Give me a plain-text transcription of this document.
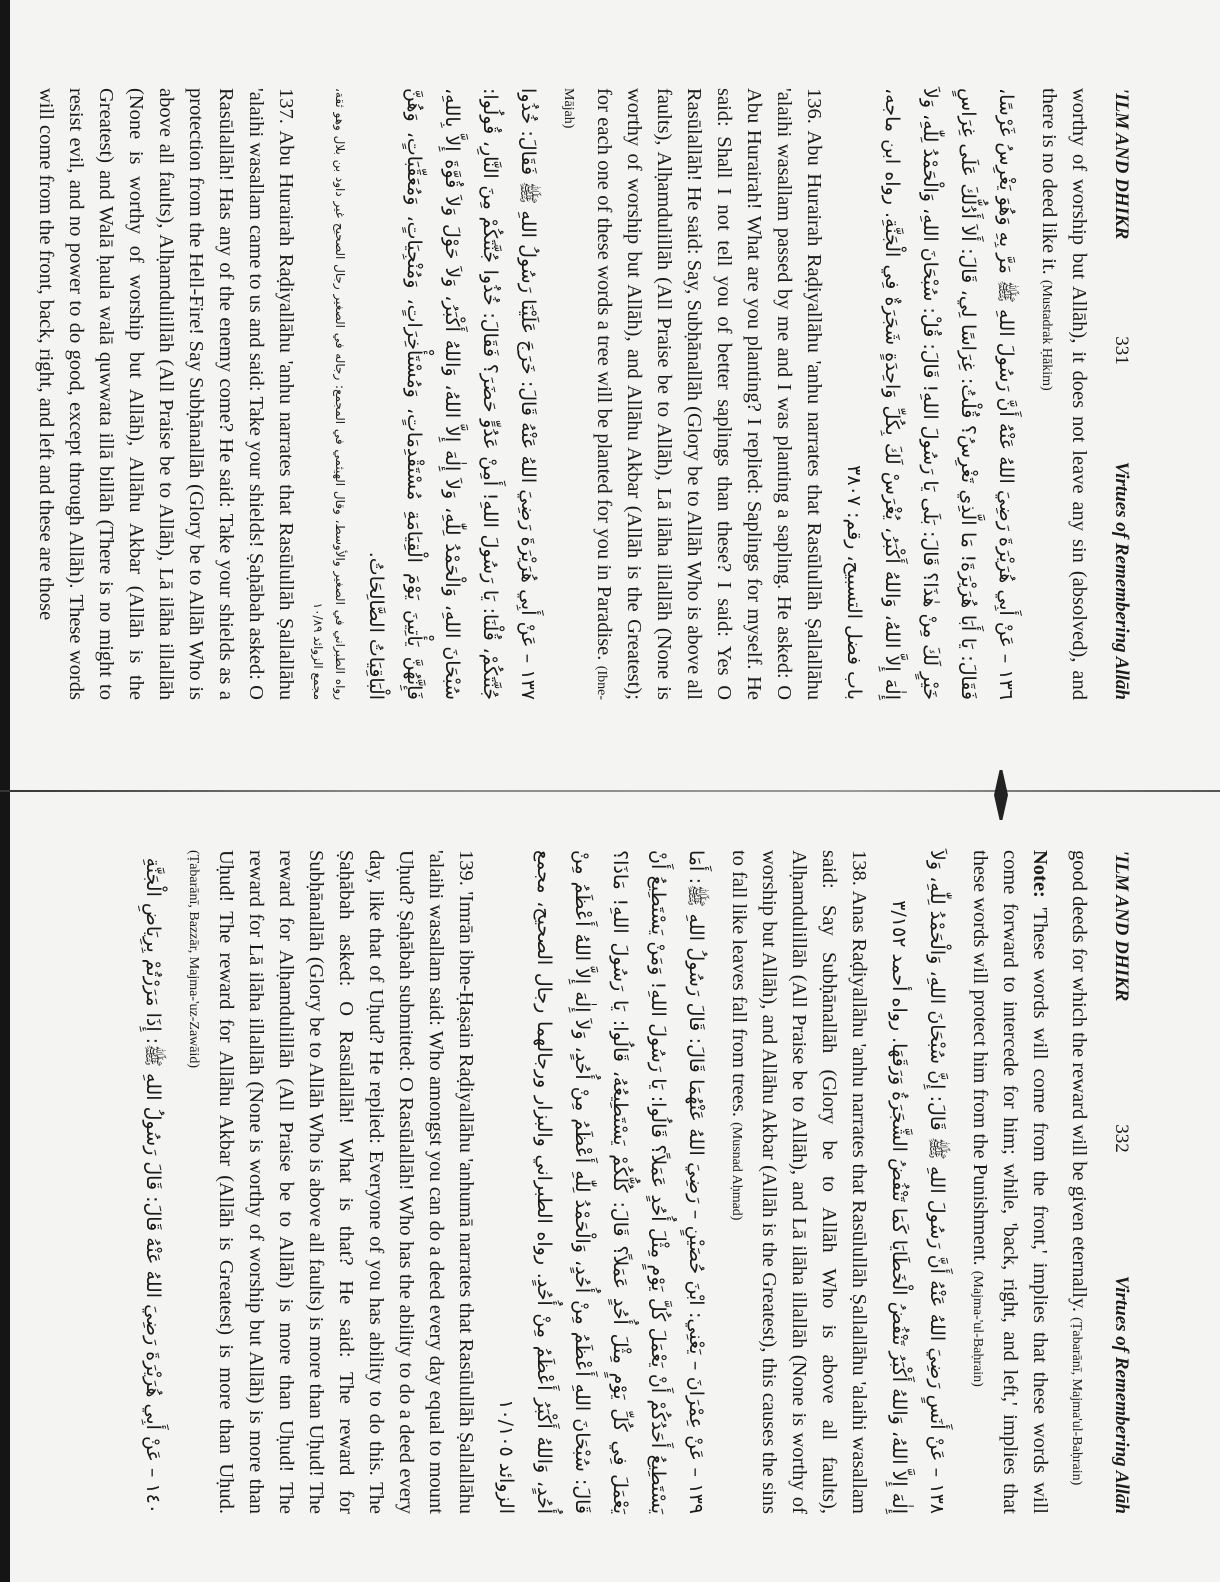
'ILM AND DHIKR
331
Virtues of Remembering Allāh

worthy of worship but Allāh), it does not leave any sin (absolved), and there is no deed like it. (Mustadrak Ḥākim)

١٣٦ – عَنْ أَبِي هُرَيْرَةَ رَضِيَ اللهُ عَنْهُ أَنَّ رَسُولَ اللهِ ﷺ مَرَّ بِهِ وَهُوَ يَغْرِسُ غَرْسًا، فَقَالَ: يَا أَبَا هُرَيْرَةَ! مَا الَّذِي تَغْرِسُ؟ قُلْتُ: غِرَاسًا لِي، قَالَ: أَلاَ أَدُلُّكَ عَلَى غِرَاسٍ خَيْرٍ لَكَ مِنْ هٰذَا؟ قَالَ: بَلَى يَا رَسُولَ اللهِ! قَالَ: قُلْ: سُبْحَانَ اللهِ، وَالْحَمْدُ لِلّٰهِ، وَلاَ إِلٰهَ إِلاَّ اللهُ، وَاللهُ أَكْبَرُ، يُغْرَسْ لَكَ بِكُلِّ وَاحِدَةٍ شَجَرَةٌ فِي الْجَنَّةِ. رواه ابن ماجه، باب فضل التسبيح، رقم: ٣٨٠٧

136. Abu Hurairah Raḍiyallāhu 'anhu narrates that Rasūlullāh Ṣallallāhu 'alaihi wasallam passed by me and I was planting a sapling. He asked: O Abu Hurairah! What are you planting? I replied: Saplings for myself. He said: Shall I not tell you of better saplings than these? I said: Yes O Rasūlallāh! He said: Say, Subḥānallāh (Glory be to Allāh Who is above all faults), Alḥamdulillāh (All Praise be to Allāh), Lā ilāha illallāh (None is worthy of worship but Allāh), and Allāhu Akbar (Allāh is the Greatest); for each one of these words a tree will be planted for you in Paradise. (Ibne-Mājah)

١٣٧ – عَنْ أَبِي هُرَيْرَةَ رَضِيَ اللهُ عَنْهُ قَالَ: خَرَجَ عَلَيْنَا رَسُولُ اللهِ ﷺ فَقَالَ: خُذُوا جُنَّتَكُمْ، قُلْنَا: يَا رَسُولَ اللهِ! أَمِنْ عَدُوٍّ حَضَرَ؟ فَقَالَ: خُذُوا جُنَّتَكُمْ مِنَ النَّارِ، قُولُوا: سُبْحَانَ اللهِ، وَالْحَمْدُ لِلّٰهِ، وَلاَ إِلٰهَ إِلاَّ اللهُ، وَاللهُ أَكْبَرُ، وَلاَ حَوْلَ وَلاَ قُوَّةَ إِلاَّ بِاللهِ، فَإِنَّهُنَّ يَأْتِينَ يَوْمَ الْقِيَامَةِ مُسْتَقْدِمَاتٍ، وَمُسْتَأْخِرَاتٍ، وَمُنْجِيَاتٍ، وَمُعَقِّبَاتٍ، وَهُنَّ الْبَاقِيَاتُ الصَّالِحَاتُ.

رواه الطبراني في الصغير والأوسط، وقال الهيثمي في المجمع: رجاله في الصغير رجال الصحيح غير داود بن بلال وهو ثقة، مجمع الزوائد ١٠/٨٩

137. Abu Hurairah Raḍiyallāhu 'anhu narrates that Rasūlullāh Ṣallallāhu 'alaihi wasallam came to us and said: Take your shields! Ṣaḥābah asked: O Rasūlallāh! Has any of the enemy come? He said: Take your shields as a protection from the Hell-Fire! Say Subḥānallāh (Glory be to Allāh Who is above all faults), Alḥamdulillāh (All Praise be to Allāh), Lā ilāha illallāh (None is worthy of worship but Allāh), Allāhu Akbar (Allāh is the Greatest) and Walā ḥaula walā quwwata illā billāh (There is no might to resist evil, and no power to do good, except through Allāh). These words will come from the front, back, right, and left and these are those

'ILM AND DHIKR
332
Virtues of Remembering Allāh

good deeds for which the reward will be given eternally. (Ṭabarānī, Majma'ul-Baḥrain)

Note: 'These words will come from the front,' implies that these words will come forward to intercede for him; while, 'back, right, and left,' implies that these words will protect him from the Punishment. (Majma-'ul-Baḥrain)

١٣٨ – عَنْ أَنَسٍ رَضِيَ اللهُ عَنْهُ أَنَّ رَسُولَ اللهِ ﷺ قَالَ: إِنَّ سُبْحَانَ اللهِ، وَالْحَمْدُ لِلّٰهِ، وَلاَ إِلٰهَ إِلاَّ اللهُ، وَاللهُ أَكْبَرُ تَنْفُضُ الْخَطَايَا كَمَا تَنْفُضُ الشَّجَرَةُ وَرَقَهَا. رواه أحمد ٣/١٥٢

138. Anas Raḍiyallāhu 'anhu narrates that Rasūlullāh Ṣallallāhu 'alaihi wasallam said: Say Subḥānallāh (Glory be to Allāh Who is above all faults), Alḥamdulillāh (All Praise be to Allāh), and Lā ilāha illallāh (None is worthy of worship but Allāh), and Allāhu Akbar (Allāh is the Greatest), this causes the sins to fall like leaves fall from trees. (Musnad Aḥmad)

١٣٩ – عَنْ عِمْرَانَ – يَعْنِي: ابْنَ حُصَيْنٍ – رَضِيَ اللهُ عَنْهُمَا قَالَ: قَالَ رَسُولُ اللهِ ﷺ: أَمَا يَسْتَطِيعُ أَحَدُكُمْ أَنْ يَعْمَلَ كُلَّ يَوْمٍ مِثْلَ أُحُدٍ عَمَلاً؟ قَالُوا: يَا رَسُولَ اللهِ! وَمَنْ يَسْتَطِيعُ أَنْ يَعْمَلَ فِي كُلِّ يَوْمٍ مِثْلَ أُحُدٍ عَمَلاً؟ قَالَ: كُلُّكُمْ يَسْتَطِيعُهُ، قَالُوا: يَا رَسُولَ اللهِ! مَاذَا؟ قَالَ: سُبْحَانَ اللهِ أَعْظَمُ مِنْ أُحُدٍ، وَالْحَمْدُ لِلّٰهِ أَعْظَمُ مِنْ أُحُدٍ، وَلاَ إِلٰهَ إِلاَّ اللهُ أَعْظَمُ مِنْ أُحُدٍ، وَاللهُ أَكْبَرُ أَعْظَمُ مِنْ أُحُدٍ. رواه الطبراني والبزار ورجالهما رجال الصحيح، مجمع الزوائد ١٠/١٠٥

139. 'Imrān ibne-Ḥaṣain Raḍiyallāhu 'anhumā narrates that Rasūlullāh Ṣallallāhu 'alaihi wasallam said: Who amongst you can do a deed every day equal to mount Uḥud? Ṣaḥābah submitted: O Rasūlallāh! Who has the ability to do a deed every day, like that of Uḥud? He replied: Everyone of you has ability to do this. The Ṣaḥābah asked: O Rasūlallāh! What is that? He said: The reward for Subḥānallāh (Glory be to Allāh Who is above all faults) is more than Uḥud! The reward for Alḥamdulillāh (All Praise be to Allāh) is more than Uḥud! The reward for Lā ilāha illallāh (None is worthy of worship but Allāh) is more than Uḥud! The reward for Allāhu Akbar (Allāh is Greatest) is more than Uḥud. (Ṭabarānī, Bazzār, Majma-'uz-Zawāid)

١٤٠ – عَنْ أَبِي هُرَيْرَةَ رَضِيَ اللهُ عَنْهُ قَالَ: قَالَ رَسُولُ اللهِ ﷺ: إِذَا مَرَرْتُمْ بِرِيَاضِ الْجَنَّةِ
